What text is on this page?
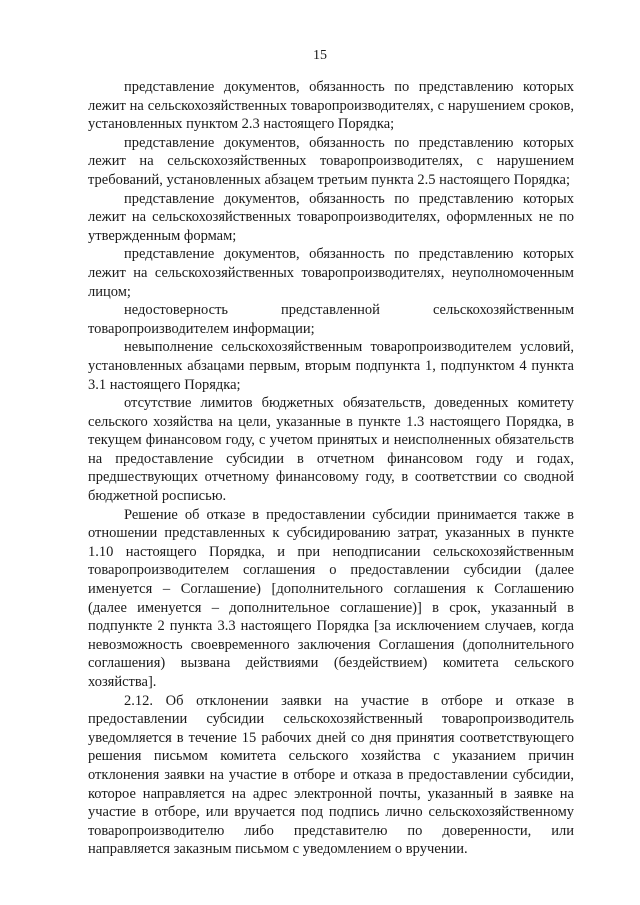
15

представление документов, обязанность по представлению которых лежит на сельскохозяйственных товаропроизводителях, с нарушением сроков, установленных пунктом 2.3 настоящего Порядка;

представление документов, обязанность по представлению которых лежит на сельскохозяйственных товаропроизводителях, с нарушением требований, установленных абзацем третьим пункта 2.5 настоящего Порядка;

представление документов, обязанность по представлению которых лежит на сельскохозяйственных товаропроизводителях, оформленных не по утвержденным формам;

представление документов, обязанность по представлению которых лежит на сельскохозяйственных товаропроизводителях, неуполномоченным лицом;

недостоверность представленной сельскохозяйственным товаропроизводителем информации;

невыполнение сельскохозяйственным товаропроизводителем условий, установленных абзацами первым, вторым подпункта 1, подпунктом 4 пункта 3.1 настоящего Порядка;

отсутствие лимитов бюджетных обязательств, доведенных комитету сельского хозяйства на цели, указанные в пункте 1.3 настоящего Порядка, в текущем финансовом году, с учетом принятых и неисполненных обязательств на предоставление субсидии в отчетном финансовом году и годах, предшествующих отчетному финансовому году, в соответствии со сводной бюджетной росписью.

Решение об отказе в предоставлении субсидии принимается также в отношении представленных к субсидированию затрат, указанных в пункте 1.10 настоящего Порядка, и при неподписании сельскохозяйственным товаропроизводителем соглашения о предоставлении субсидии (далее именуется – Соглашение) [дополнительного соглашения к Соглашению (далее именуется – дополнительное соглашение)] в срок, указанный в подпункте 2 пункта 3.3 настоящего Порядка [за исключением случаев, когда невозможность своевременного заключения Соглашения (дополнительного соглашения) вызвана действиями (бездействием) комитета сельского хозяйства].

2.12. Об отклонении заявки на участие в отборе и отказе в предоставлении субсидии сельскохозяйственный товаропроизводитель уведомляется в течение 15 рабочих дней со дня принятия соответствующего решения письмом комитета сельского хозяйства с указанием причин отклонения заявки на участие в отборе и отказа в предоставлении субсидии, которое направляется на адрес электронной почты, указанный в заявке на участие в отборе, или вручается под подпись лично сельскохозяйственному товаропроизводителю либо представителю по доверенности, или направляется заказным письмом с уведомлением о вручении.
